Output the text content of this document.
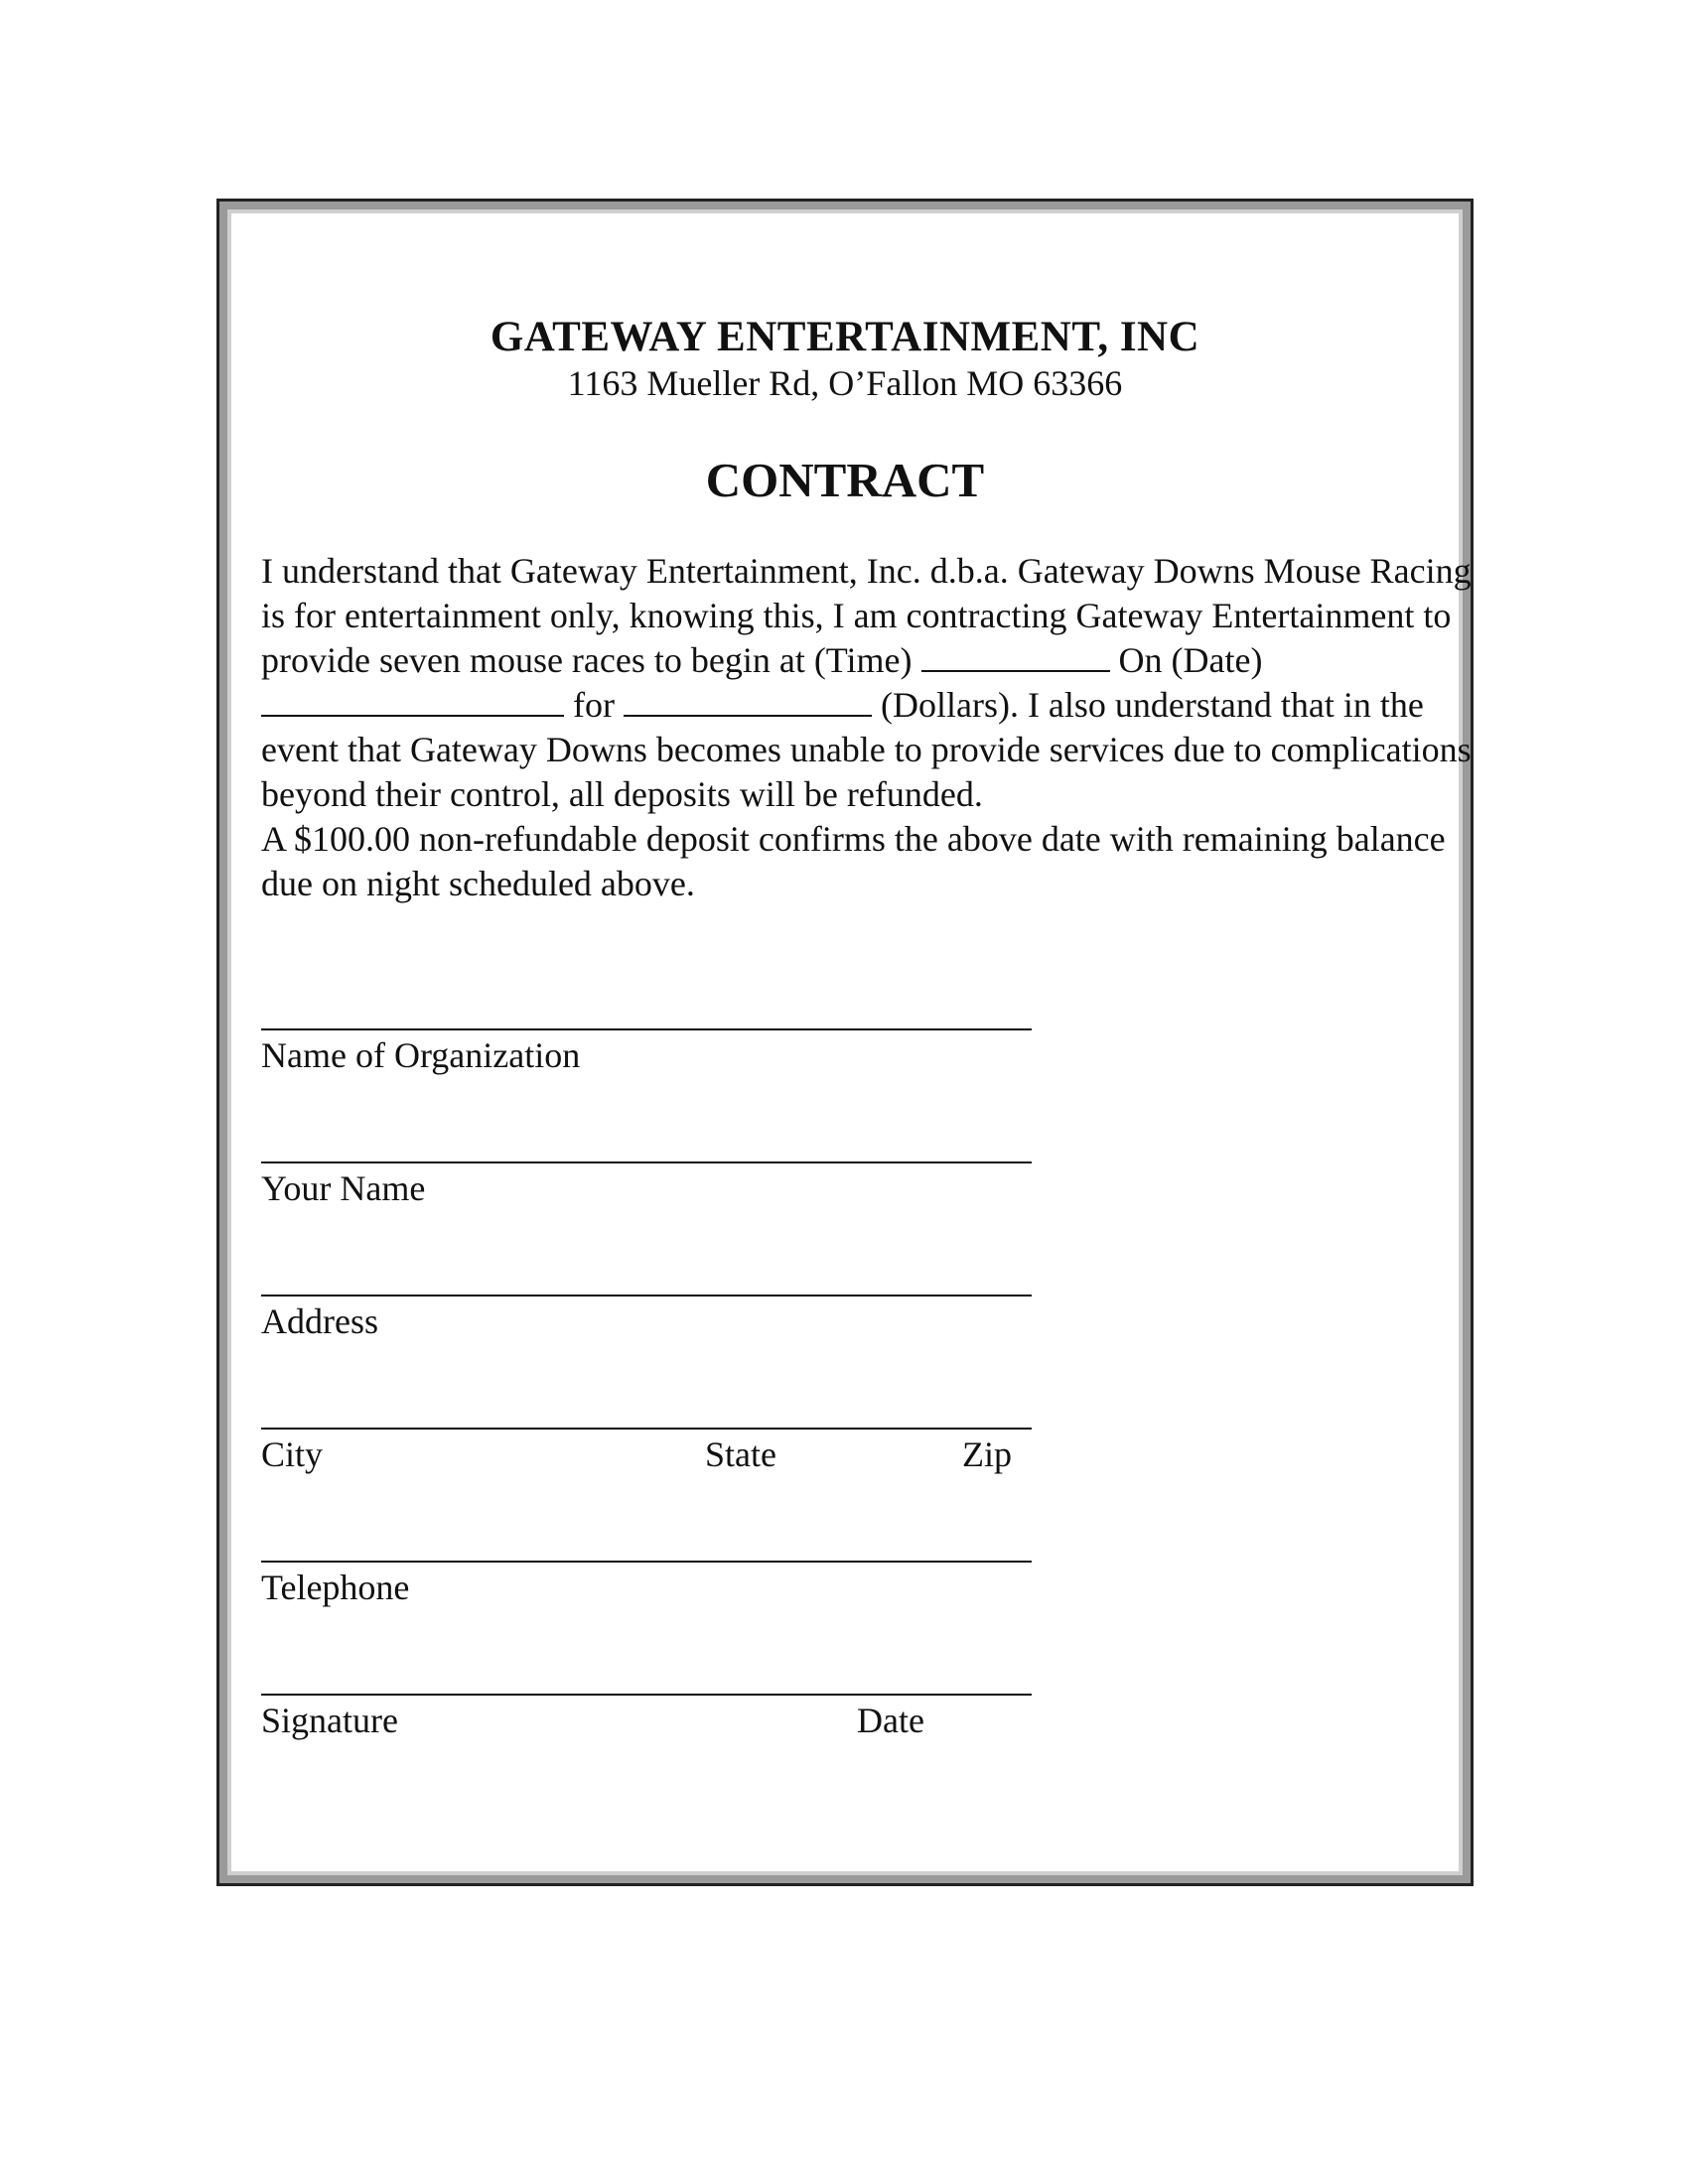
GATEWAY ENTERTAINMENT, INC
1163 Mueller Rd, O’Fallon MO 63366
CONTRACT

I understand that Gateway Entertainment, Inc. d.b.a. Gateway Downs Mouse Racing is for entertainment only, knowing this, I am contracting Gateway Entertainment to provide seven mouse races to begin at (Time)	On (Date)  for	(Dollars). I also understand that in the event that Gateway Downs becomes unable to provide services due to complications beyond their control, all deposits will be refunded.

A $100.00 non-refundable deposit confirms the above date with remaining balance due on night scheduled above.

Name of Organization
Your Name
Address
City	State	Zip
Telephone
Signature	Date
